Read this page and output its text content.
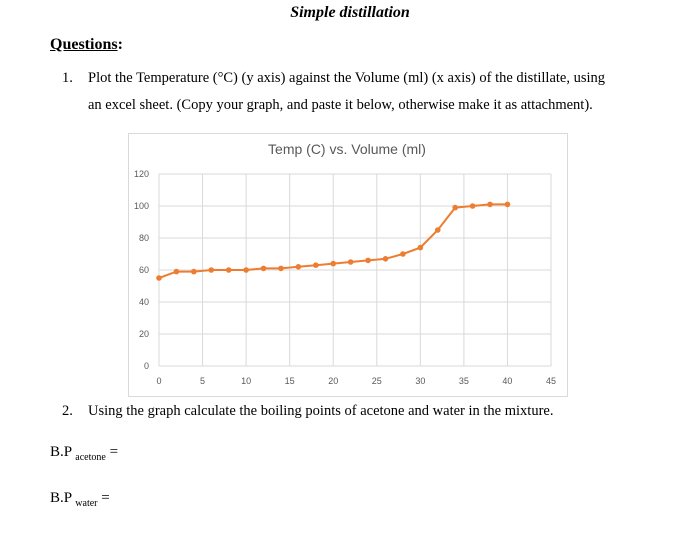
Simple distillation
Questions:
1. Plot the Temperature (°C) (y axis) against the Volume (ml) (x axis) of the distillate, using
an excel sheet. (Copy your graph, and paste it below, otherwise make it as attachment).
Temp (C) vs. Volume (ml)
0
20
40
60
80
100
120
0	5	10	15	20	25	30	35	40	45
2. Using the graph calculate the boiling points of acetone and water in the mixture.
B.P $_{acetone}$ =
B.P $_{water}$ =
